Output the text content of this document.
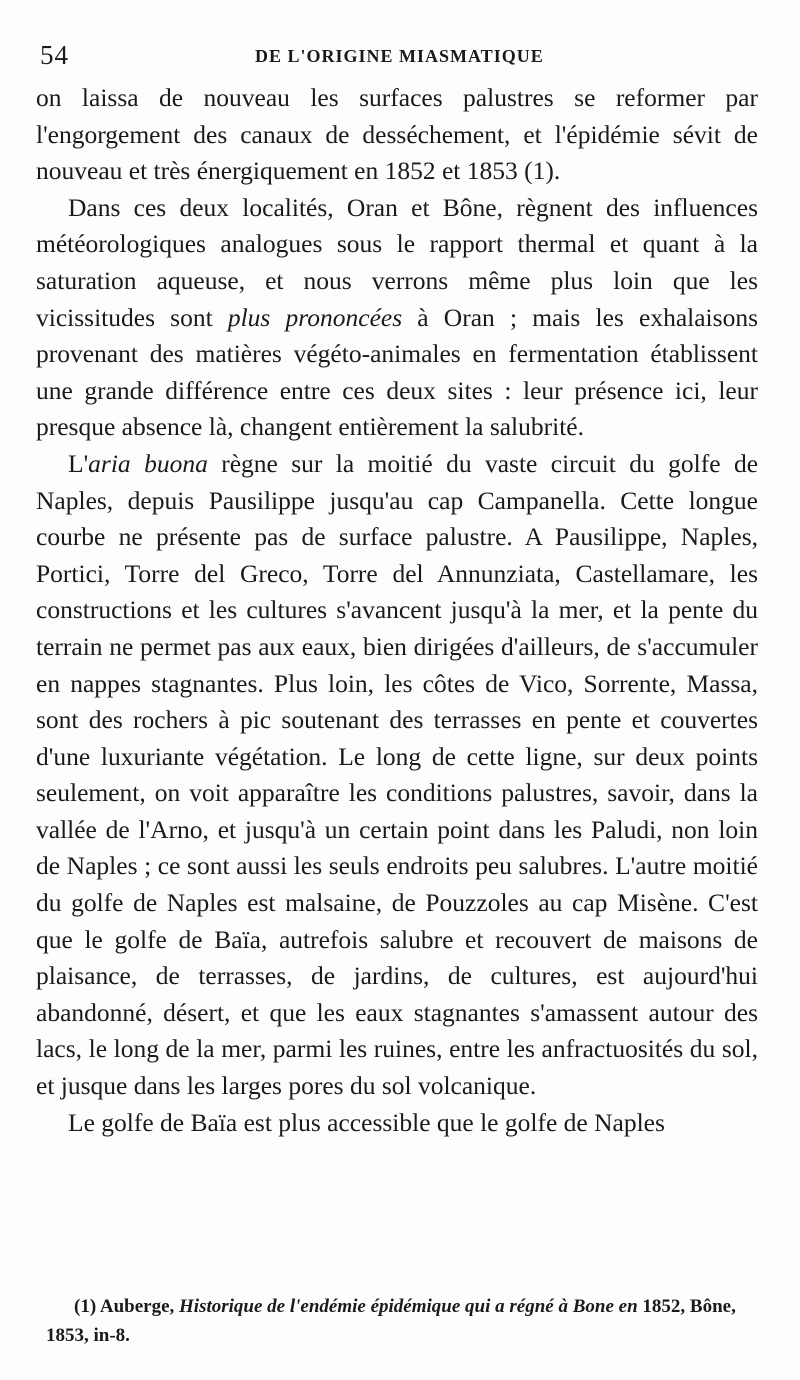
54	DE L'ORIGINE MIASMATIQUE

on laissa de nouveau les surfaces palustres se reformer par l'engorgement des canaux de desséchement, et l'épidémie sévit de nouveau et très énergiquement en 1852 et 1853 (1).

Dans ces deux localités, Oran et Bône, règnent des influences météorologiques analogues sous le rapport thermal et quant à la saturation aqueuse, et nous verrons même plus loin que les vicissitudes sont plus prononcées à Oran ; mais les exhalaisons provenant des matières végéto-animales en fermentation établissent une grande différence entre ces deux sites : leur présence ici, leur presque absence là, changent entièrement la salubrité.

L'aria buona règne sur la moitié du vaste circuit du golfe de Naples, depuis Pausilippe jusqu'au cap Campanella. Cette longue courbe ne présente pas de surface palustre. A Pausilippe, Naples, Portici, Torre del Greco, Torre del Annunziata, Castellamare, les constructions et les cultures s'avancent jusqu'à la mer, et la pente du terrain ne permet pas aux eaux, bien dirigées d'ailleurs, de s'accumuler en nappes stagnantes. Plus loin, les côtes de Vico, Sorrente, Massa, sont des rochers à pic soutenant des terrasses en pente et couvertes d'une luxuriante végétation. Le long de cette ligne, sur deux points seulement, on voit apparaître les conditions palustres, savoir, dans la vallée de l'Arno, et jusqu'à un certain point dans les Paludi, non loin de Naples ; ce sont aussi les seuls endroits peu salubres. L'autre moitié du golfe de Naples est malsaine, de Pouzzoles au cap Misène. C'est que le golfe de Baïa, autrefois salubre et recouvert de maisons de plaisance, de terrasses, de jardins, de cultures, est aujourd'hui abandonné, désert, et que les eaux stagnantes s'amassent autour des lacs, le long de la mer, parmi les ruines, entre les anfractuosités du sol, et jusque dans les larges pores du sol volcanique.

Le golfe de Baïa est plus accessible que le golfe de Naples

(1) Auberge, Historique de l'endémie épidémique qui a régné à Bone en 1852, Bône, 1853, in-8.
